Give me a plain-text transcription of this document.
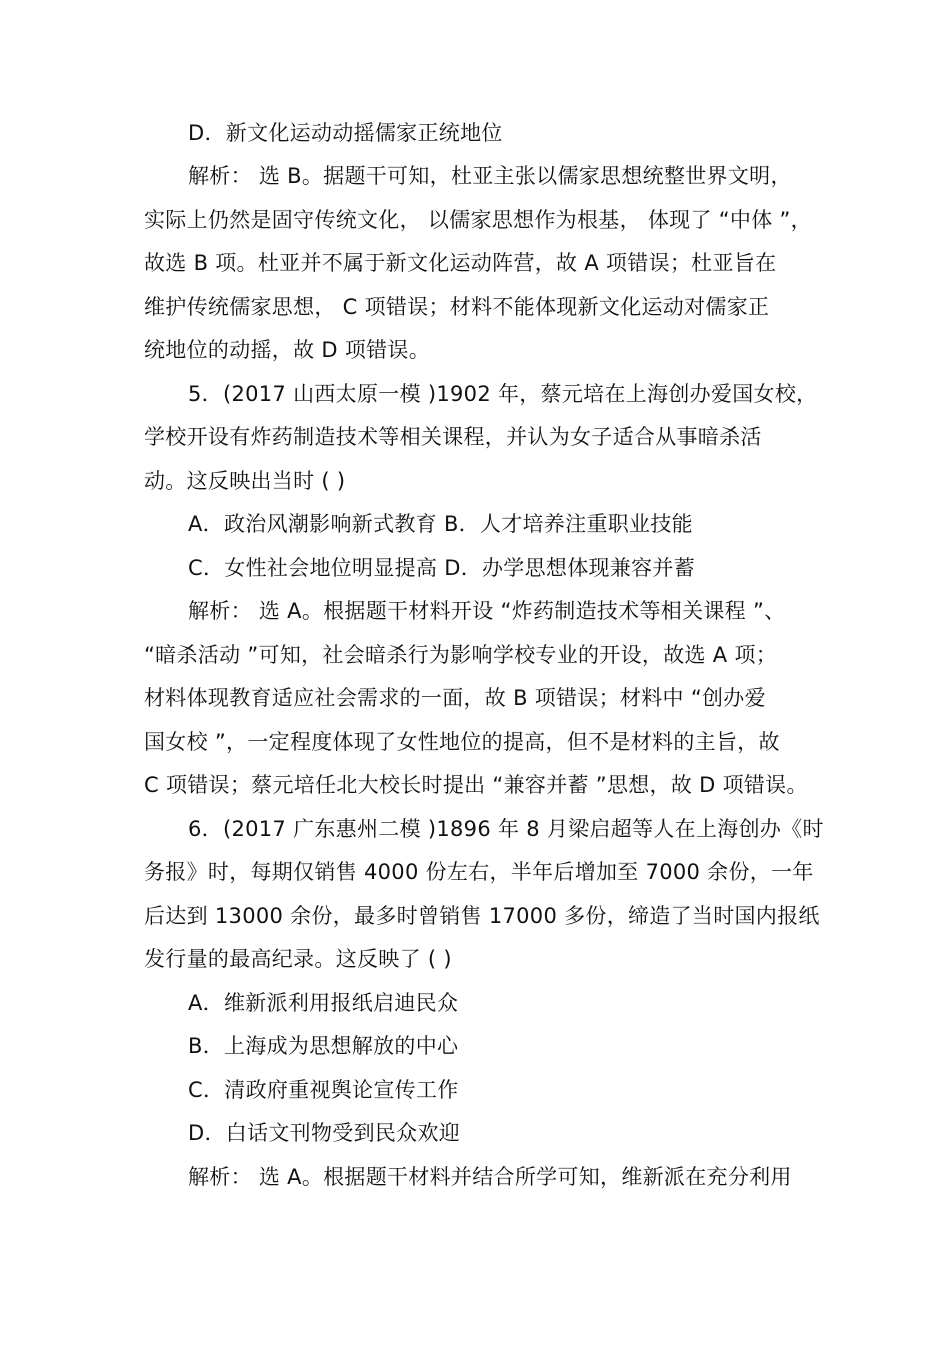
D．新文化运动动摇儒家正统地位
解析： 选 B。据题干可知，杜亚主张以儒家思想统整世界文明，
实际上仍然是固守传统文化， 以儒家思想作为根基， 体现了 “中体 ”，
故选 B 项。杜亚并不属于新文化运动阵营，故 A 项错误；杜亚旨在
维护传统儒家思想， C 项错误；材料不能体现新文化运动对儒家正
统地位的动摇，故 D 项错误。
5．(2017 山西太原一模 )1902 年，蔡元培在上海创办爱国女校，
学校开设有炸药制造技术等相关课程，并认为女子适合从事暗杀活
动。这反映出当时 ( )
A．政治风潮影响新式教育 B．人才培养注重职业技能
C．女性社会地位明显提高 D．办学思想体现兼容并蓄
解析： 选 A。根据题干材料开设 “炸药制造技术等相关课程 ”、
“暗杀活动 ”可知，社会暗杀行为影响学校专业的开设，故选 A 项；
材料体现教育适应社会需求的一面，故 B 项错误；材料中 “创办爱
国女校 ”，一定程度体现了女性地位的提高，但不是材料的主旨，故
C 项错误；蔡元培任北大校长时提出 “兼容并蓄 ”思想，故 D 项错误。
6．(2017 广东惠州二模 )1896 年 8 月梁启超等人在上海创办《时
务报》时，每期仅销售 4000 份左右，半年后增加至 7000 余份，一年
后达到 13000 余份，最多时曾销售 17000 多份，缔造了当时国内报纸
发行量的最高纪录。这反映了 ( )
A．维新派利用报纸启迪民众
B．上海成为思想解放的中心
C．清政府重视舆论宣传工作
D．白话文刊物受到民众欢迎
解析： 选 A。根据题干材料并结合所学可知，维新派在充分利用
